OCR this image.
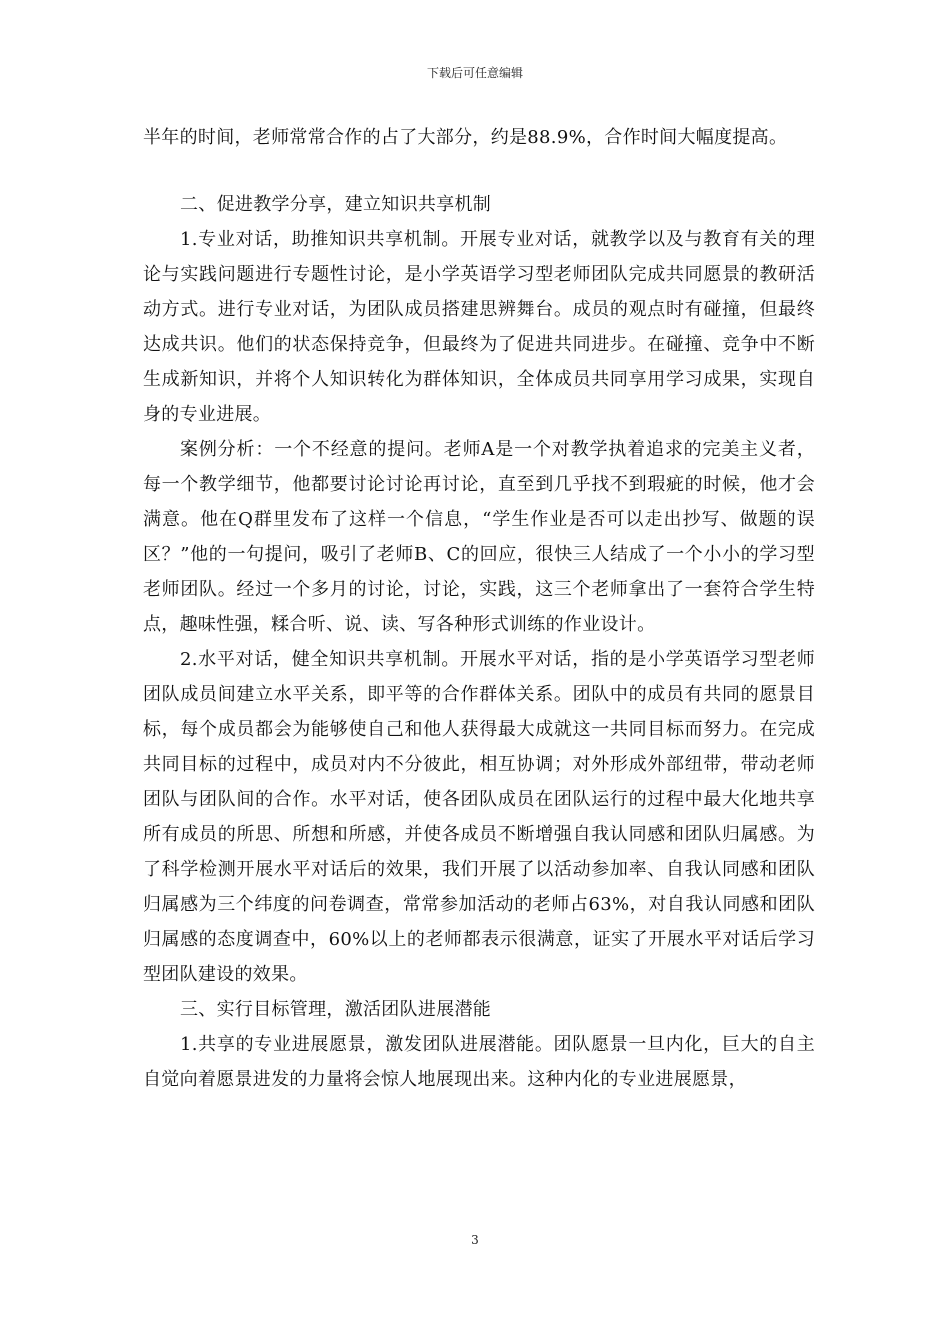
下载后可任意编辑

半年的时间，老师常常合作的占了大部分，约是88.9%，合作时间大幅度提高。

二、促进教学分享，建立知识共享机制

1.专业对话，助推知识共享机制。开展专业对话，就教学以及与教育有关的理论与实践问题进行专题性讨论，是小学英语学习型老师团队完成共同愿景的教研活动方式。进行专业对话，为团队成员搭建思辨舞台。成员的观点时有碰撞，但最终达成共识。他们的状态保持竞争，但最终为了促进共同进步。在碰撞、竞争中不断生成新知识，并将个人知识转化为群体知识，全体成员共同享用学习成果，实现自身的专业进展。

案例分析：一个不经意的提问。老师A是一个对教学执着追求的完美主义者，每一个教学细节，他都要讨论讨论再讨论，直至到几乎找不到瑕疵的时候，他才会满意。他在Q群里发布了这样一个信息，“学生作业是否可以走出抄写、做题的误区？”他的一句提问，吸引了老师B、C的回应，很快三人结成了一个小小的学习型老师团队。经过一个多月的讨论，讨论，实践，这三个老师拿出了一套符合学生特点，趣味性强，糅合听、说、读、写各种形式训练的作业设计。

2.水平对话，健全知识共享机制。开展水平对话，指的是小学英语学习型老师团队成员间建立水平关系，即平等的合作群体关系。团队中的成员有共同的愿景目标，每个成员都会为能够使自己和他人获得最大成就这一共同目标而努力。在完成共同目标的过程中，成员对内不分彼此，相互协调；对外形成外部纽带，带动老师团队与团队间的合作。水平对话，使各团队成员在团队运行的过程中最大化地共享所有成员的所思、所想和所感，并使各成员不断增强自我认同感和团队归属感。为了科学检测开展水平对话后的效果，我们开展了以活动参加率、自我认同感和团队归属感为三个纬度的问卷调查，常常参加活动的老师占63%，对自我认同感和团队归属感的态度调查中，60%以上的老师都表示很满意，证实了开展水平对话后学习型团队建设的效果。

三、实行目标管理，激活团队进展潜能

1.共享的专业进展愿景，激发团队进展潜能。团队愿景一旦内化，巨大的自主自觉向着愿景进发的力量将会惊人地展现出来。这种内化的专业进展愿景，

3
